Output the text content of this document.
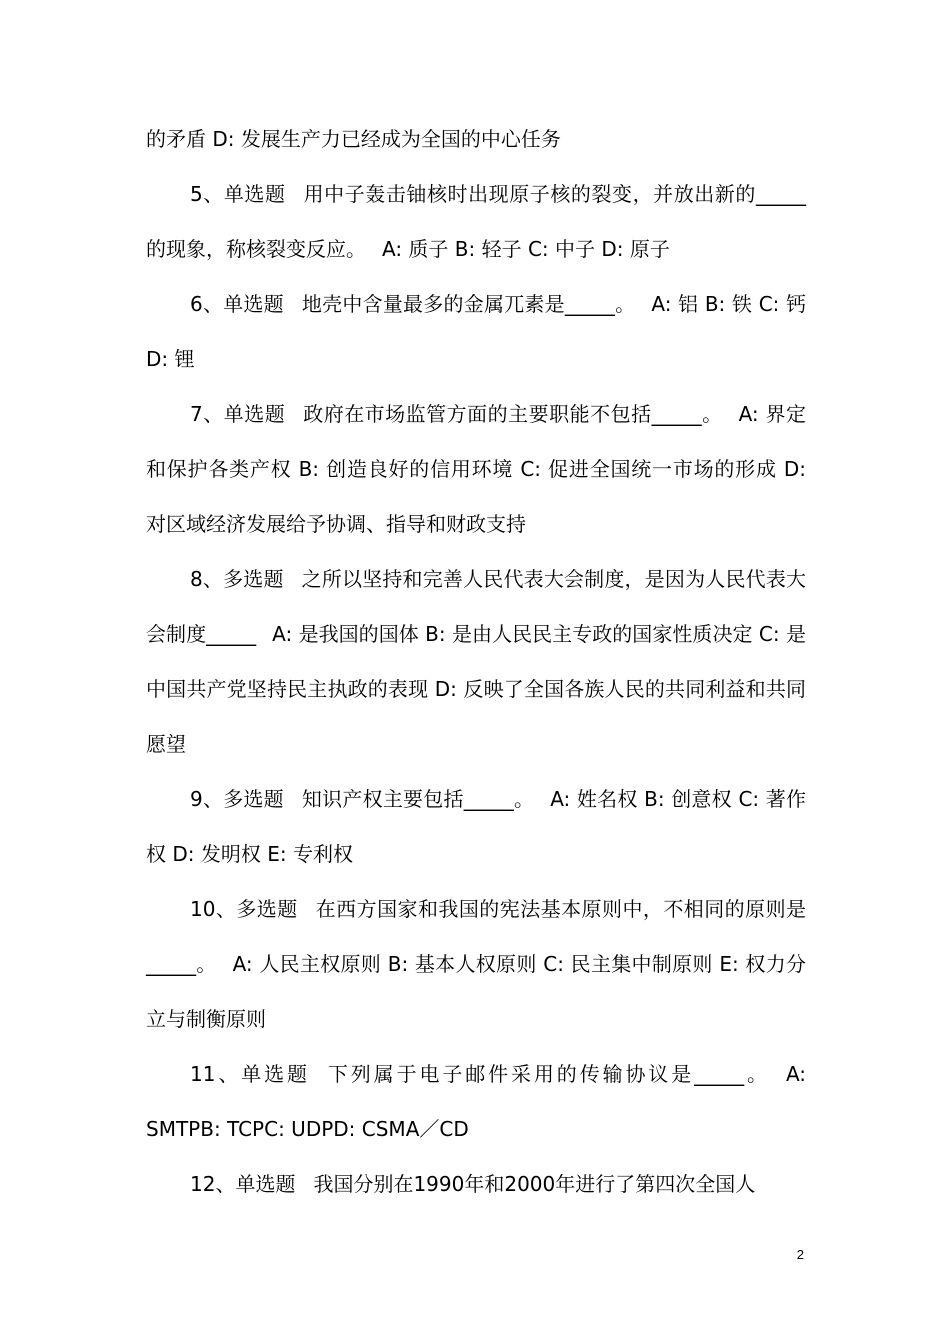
的矛盾 D: 发展生产力已经成为全国的中心任务

5、单选题 用中子轰击铀核时出现原子核的裂变，并放出新的_____的现象，称核裂变反应。 A: 质子 B: 轻子 C: 中子 D: 原子

6、单选题 地壳中含量最多的金属兀素是_____。 A: 铝 B: 铁 C: 钙 D: 锂

7、单选题 政府在市场监管方面的主要职能不包括_____。 A: 界定和保护各类产权 B: 创造良好的信用环境 C: 促进全国统一市场的形成 D: 对区域经济发展给予协调、指导和财政支持

8、多选题 之所以坚持和完善人民代表大会制度，是因为人民代表大会制度_____ A: 是我国的国体 B: 是由人民民主专政的国家性质决定 C: 是中国共产党坚持民主执政的表现 D: 反映了全国各族人民的共同利益和共同愿望

9、多选题 知识产权主要包括_____。 A: 姓名权 B: 创意权 C: 著作权 D: 发明权 E: 专利权

10、多选题 在西方国家和我国的宪法基本原则中，不相同的原则是_____。 A: 人民主权原则 B: 基本人权原则 C: 民主集中制原则 E: 权力分立与制衡原则

11、单选题 下列属于电子邮件采用的传输协议是_____。 A: SMTPB: TCPC: UDPD: CSMA／CD

12、单选题 我国分别在1990年和2000年进行了第四次全国人

2
